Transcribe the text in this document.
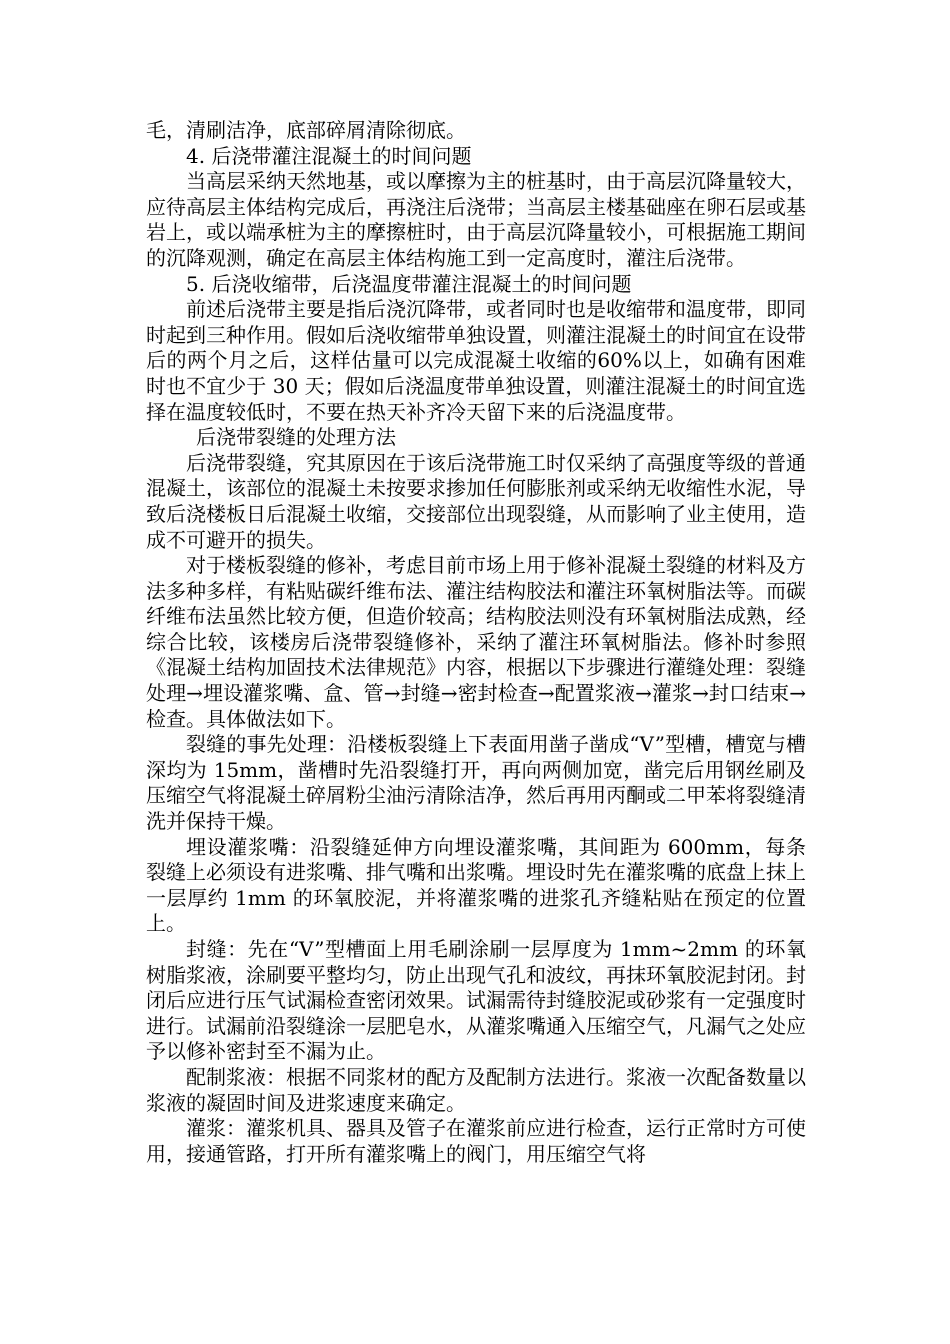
毛，清刷洁净，底部碎屑清除彻底。

4. 后浇带灌注混凝土的时间问题

当高层采纳天然地基，或以摩擦为主的桩基时，由于高层沉降量较大，应待高层主体结构完成后，再浇注后浇带；当高层主楼基础座在卵石层或基岩上，或以端承桩为主的摩擦桩时，由于高层沉降量较小，可根据施工期间的沉降观测，确定在高层主体结构施工到一定高度时，灌注后浇带。

5. 后浇收缩带，后浇温度带灌注混凝土的时间问题

前述后浇带主要是指后浇沉降带，或者同时也是收缩带和温度带，即同时起到三种作用。假如后浇收缩带单独设置，则灌注混凝土的时间宜在设带后的两个月之后，这样估量可以完成混凝土收缩的60%以上，如确有困难时也不宜少于 30 天；假如后浇温度带单独设置，则灌注混凝土的时间宜选择在温度较低时，不要在热天补齐冷天留下来的后浇温度带。

后浇带裂缝的处理方法

后浇带裂缝，究其原因在于该后浇带施工时仅采纳了高强度等级的普通混凝土，该部位的混凝土未按要求掺加任何膨胀剂或采纳无收缩性水泥，导致后浇楼板日后混凝土收缩，交接部位出现裂缝，从而影响了业主使用，造成不可避开的损失。

对于楼板裂缝的修补，考虑目前市场上用于修补混凝土裂缝的材料及方法多种多样，有粘贴碳纤维布法、灌注结构胶法和灌注环氧树脂法等。而碳纤维布法虽然比较方便，但造价较高；结构胶法则没有环氧树脂法成熟，经综合比较，该楼房后浇带裂缝修补，采纳了灌注环氧树脂法。修补时参照《混凝土结构加固技术法律规范》内容，根据以下步骤进行灌缝处理：裂缝处理→埋设灌浆嘴、盒、管→封缝→密封检查→配置浆液→灌浆→封口结束→检查。具体做法如下。

裂缝的事先处理：沿楼板裂缝上下表面用凿子凿成“V”型槽，槽宽与槽深均为 15mm，凿槽时先沿裂缝打开，再向两侧加宽，凿完后用钢丝刷及压缩空气将混凝土碎屑粉尘油污清除洁净，然后再用丙酮或二甲苯将裂缝清洗并保持干燥。

埋设灌浆嘴：沿裂缝延伸方向埋设灌浆嘴，其间距为 600mm，每条裂缝上必须设有进浆嘴、排气嘴和出浆嘴。埋设时先在灌浆嘴的底盘上抹上一层厚约 1mm 的环氧胶泥，并将灌浆嘴的进浆孔齐缝粘贴在预定的位置上。

封缝：先在“V”型槽面上用毛刷涂刷一层厚度为 1mm~2mm 的环氧树脂浆液，涂刷要平整均匀，防止出现气孔和波纹，再抹环氧胶泥封闭。封闭后应进行压气试漏检查密闭效果。试漏需待封缝胶泥或砂浆有一定强度时进行。试漏前沿裂缝涂一层肥皂水，从灌浆嘴通入压缩空气，凡漏气之处应予以修补密封至不漏为止。

配制浆液：根据不同浆材的配方及配制方法进行。浆液一次配备数量以浆液的凝固时间及进浆速度来确定。

灌浆：灌浆机具、器具及管子在灌浆前应进行检查，运行正常时方可使用，接通管路，打开所有灌浆嘴上的阀门，用压缩空气将
